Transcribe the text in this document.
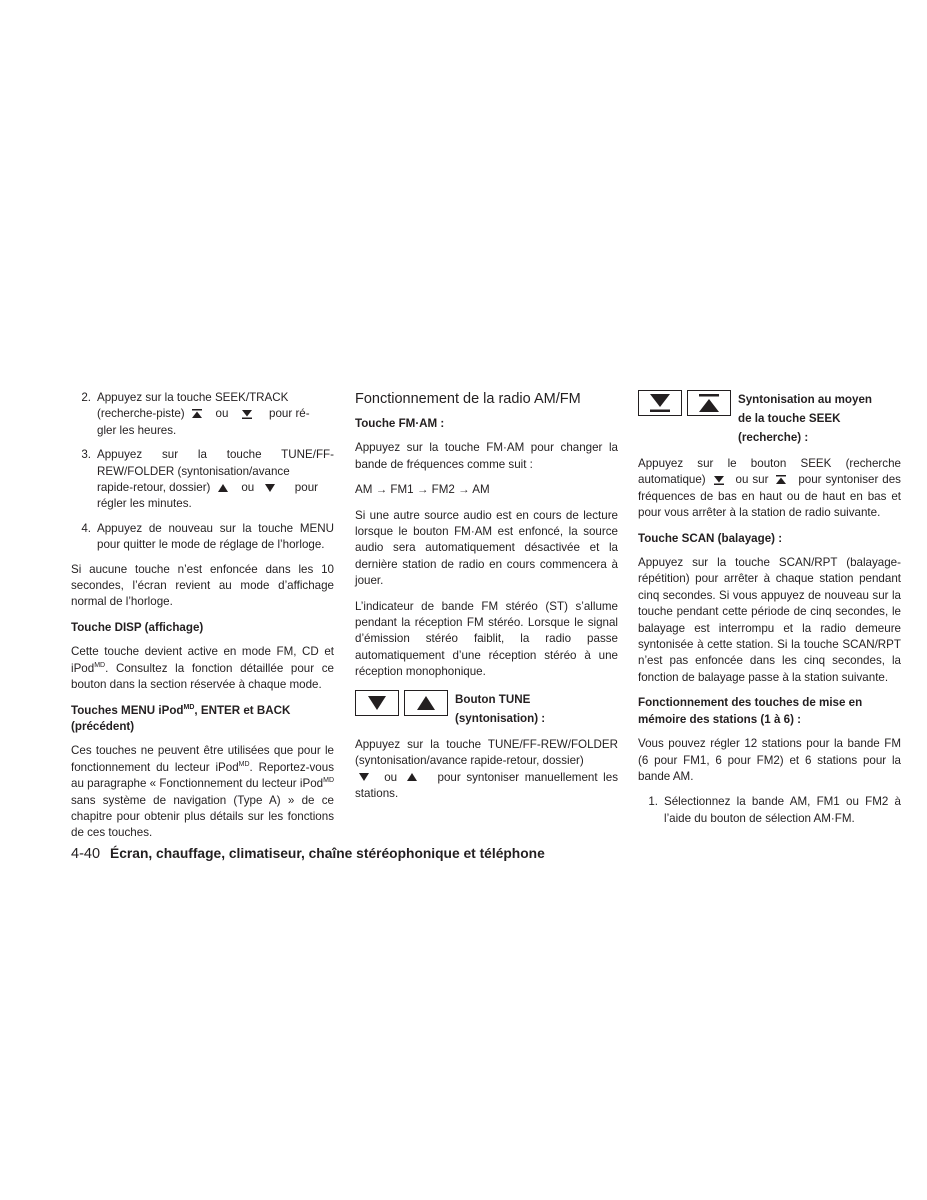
2. Appuyez sur la touche SEEK/TRACK
(recherche-piste)	ou	pour ré-
gler les heures.
3. Appuyez sur la touche TUNE/FF-REW/FOLDER (syntonisation/avance
rapide-retour, dossier)	ou	pour
régler les minutes.
4. Appuyez de nouveau sur la touche MENU pour quitter le mode de réglage de l’horloge.

Si aucune touche n’est enfoncée dans les 10 secondes, l’écran revient au mode d’affichage normal de l’horloge.

Touche DISP (affichage)

Cette touche devient active en mode FM, CD et iPod$^{MD}$. Consultez la fonction détaillée pour ce bouton dans la section réservée à chaque mode.

Touches MENU iPod$^{MD}$, ENTER et BACK (précédent)

Ces touches ne peuvent être utilisées que pour le fonctionnement du lecteur iPod$^{MD}$. Reportez-vous au paragraphe « Fonctionnement du lecteur iPod$^{MD}$ sans système de navigation (Type A) » de ce chapitre pour obtenir plus détails sur les fonctions de ces touches.

Fonctionnement de la radio AM/FM
Touche FM·AM :

Appuyez sur la touche FM·AM pour changer la bande de fréquences comme suit :

AM → FM1 → FM2 → AM

Si une autre source audio est en cours de lecture lorsque le bouton FM·AM est enfoncé, la source audio sera automatiquement désactivée et la dernière station de radio en cours commencera à jouer.

L’indicateur de bande FM stéréo (ST) s’allume pendant la réception FM stéréo. Lorsque le signal d’émission stéréo faiblit, la radio passe automatiquement d’une réception stéréo à une réception monophonique.

Bouton TUNE
(syntonisation) :

Appuyez sur la touche TUNE/FF-REW/FOLDER (syntonisation/avance rapide-retour, dossier)

ou	pour syntoniser manuellement les stations.

Syntonisation au moyen
de la touche SEEK
(recherche) :

Appuyez sur le bouton SEEK (recherche automatique)	ou sur	pour syntoniser des fréquences de bas en haut ou de haut en bas et pour vous arrêter à la station de radio suivante.

Touche SCAN (balayage) :

Appuyez sur la touche SCAN/RPT (balayage-répétition) pour arrêter à chaque station pendant cinq secondes. Si vous appuyez de nouveau sur la touche pendant cette période de cinq secondes, le balayage est interrompu et la radio demeure syntonisée à cette station. Si la touche SCAN/RPT n’est pas enfoncée dans les cinq secondes, la fonction de balayage passe à la station suivante.

Fonctionnement des touches de mise en mémoire des stations (1 à 6) :

Vous pouvez régler 12 stations pour la bande FM (6 pour FM1, 6 pour FM2) et 6 stations pour la bande AM.

1. Sélectionnez la bande AM, FM1 ou FM2 à l’aide du bouton de sélection AM·FM.
4-40 Écran, chauffage, climatiseur, chaîne stéréophonique et téléphone
